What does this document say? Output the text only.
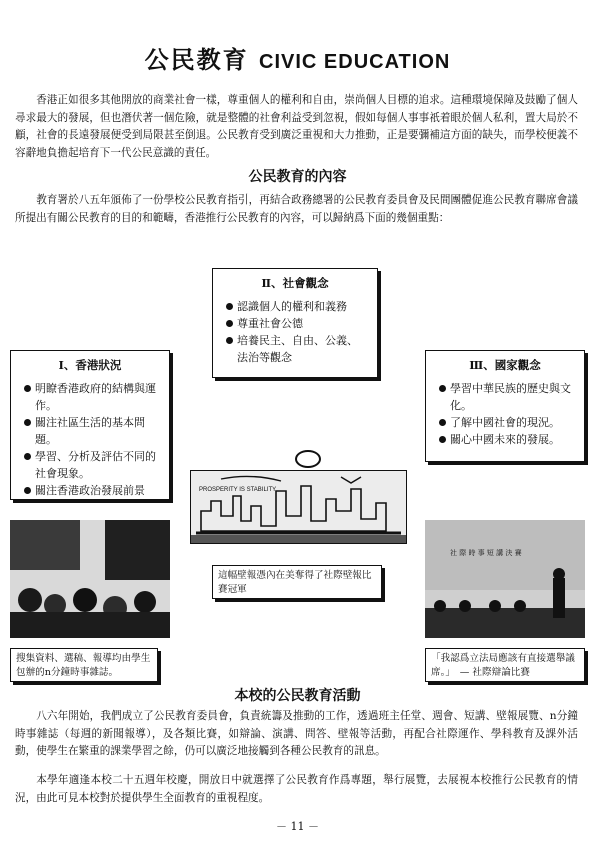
公民教育 CIVIC EDUCATION

香港正如很多其他開放的商業社會一樣，尊重個人的權利和自由，崇尚個人目標的追求。這種環境保障及鼓勵了個人尋求最大的發展，但也潛伏著一個危險，就是整體的社會利益受到忽視，假如每個人事事祇着眼於個人私利，置大局於不顧，社會的長遠發展便受到局限甚至倒退。公民教育受到廣泛重視和大力推動，正是要彌補這方面的缺失，而學校便義不容辭地負擔起培育下一代公民意識的責任。

公民教育的內容

教育署於八五年頒佈了一份學校公民教育指引，再結合政務總署的公民教育委員會及民間團體促進公民教育聯席會議所提出有關公民教育的目的和範疇，香港推行公民教育的內容，可以歸納爲下面的幾個重點：

Ⅱ、社會觀念
認識個人的權利和義務
尊重社會公德
培養民主、自由、公義、法治等觀念
Ⅰ、香港狀況
明瞭香港政府的結構與運作。
關注社區生活的基本問題。
學習、分析及評估不同的社會現象。
關注香港政治發展前景
Ⅲ、國家觀念
學習中華民族的歷史與文化。
了解中國社會的現況。
關心中國未來的發展。
PROSPERITY IS STABILITY
社 際 時 事 短 講 決 賽
搜集資料、選稿、報導均由學生包辦的n分鐘時事雜誌。
這幅壁報憑內在美奪得了社際壁報比賽冠軍
「我認爲立法局應該有直接選舉議席。」　— 社際辯論比賽
本校的公民教育活動

八六年開始，我們成立了公民教育委員會，負責統籌及推動的工作，透過班主任堂、週會、短講、壁報展覽、n分鐘時事雜誌（每週的新聞報導），及各類比賽，如辯論、演講、問答、壁報等活動，再配合社際運作、學科教育及課外活動，使學生在繁重的課業學習之餘，仍可以廣泛地接觸到各種公民教育的訊息。

本學年適逢本校二十五週年校慶，開放日中就選擇了公民教育作爲專題，舉行展覽，去展視本校推行公民教育的情況，由此可見本校對於提供學生全面教育的重視程度。

－ 11 －
